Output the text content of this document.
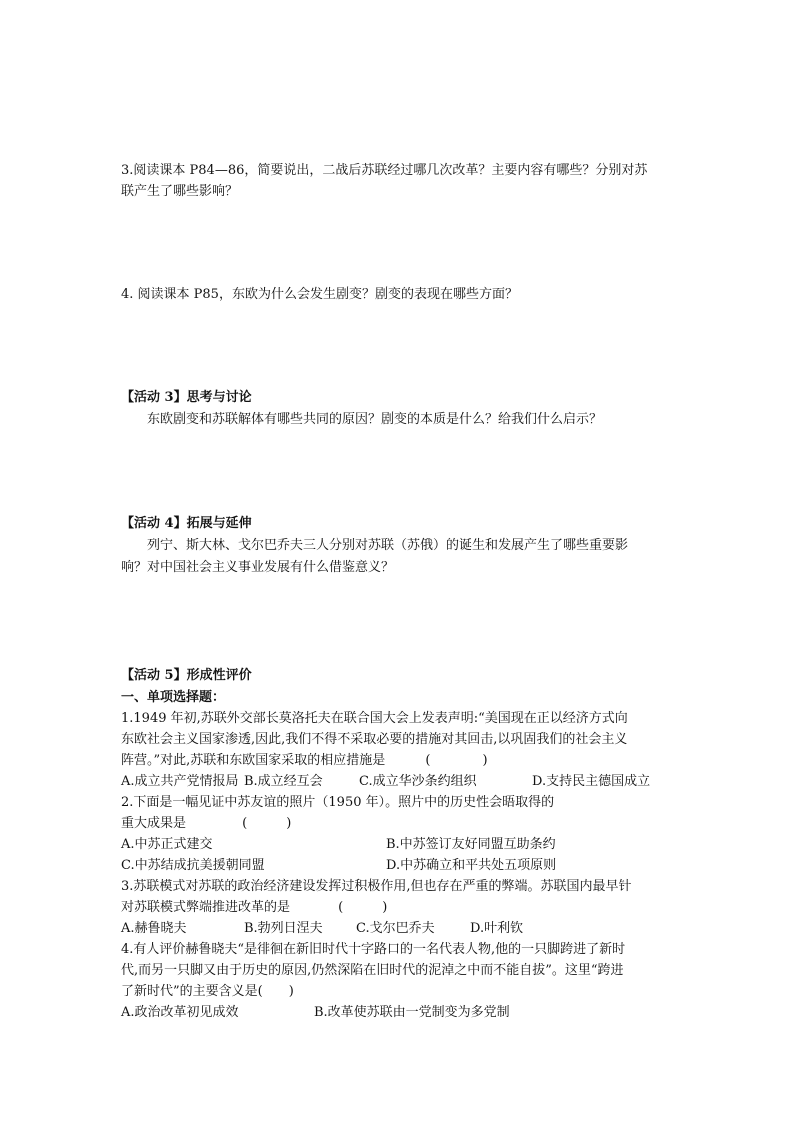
3.阅读课本 P84—86，简要说出，二战后苏联经过哪几次改革？主要内容有哪些？分别对苏
联产生了哪些影响？
4. 阅读课本 P85，东欧为什么会发生剧变？剧变的表现在哪些方面？
【活动 3】思考与讨论
东欧剧变和苏联解体有哪些共同的原因？剧变的本质是什么？给我们什么启示？
【活动 4】拓展与延伸
列宁、斯大林、戈尔巴乔夫三人分别对苏联（苏俄）的诞生和发展产生了哪些重要影
响？对中国社会主义事业发展有什么借鉴意义？
【活动 5】形成性评价
一、单项选择题：
1.1949 年初,苏联外交部长莫洛托夫在联合国大会上发表声明:“美国现在正以经济方式向
东欧社会主义国家渗透,因此,我们不得不采取必要的措施对其回击,以巩固我们的社会主义
阵营。”对此,苏联和东欧国家采取的相应措施是	(　　　　)
A.成立共产党情报局 B.成立经互会	C.成立华沙条约组织	D.支持民主德国成立
2.下面是一幅见证中苏友谊的照片（1950 年）。照片中的历史性会晤取得的
重大成果是	(　　　)
A.中苏正式建交	B.中苏签订友好同盟互助条约
C.中苏结成抗美援朝同盟	D.中苏确立和平共处五项原则
3.苏联模式对苏联的政治经济建设发挥过积极作用,但也存在严重的弊端。苏联国内最早针
对苏联模式弊端推进改革的是	(　　　)
A.赫鲁晓夫	B.勃列日涅夫	C.戈尔巴乔夫	D.叶利钦
4.有人评价赫鲁晓夫“是徘徊在新旧时代十字路口的一名代表人物,他的一只脚跨进了新时
代,而另一只脚又由于历史的原因,仍然深陷在旧时代的泥淖之中而不能自拔”。这里“跨进
了新时代”的主要含义是(　　)
A.政治改革初见成效	B.改革使苏联由一党制变为多党制
